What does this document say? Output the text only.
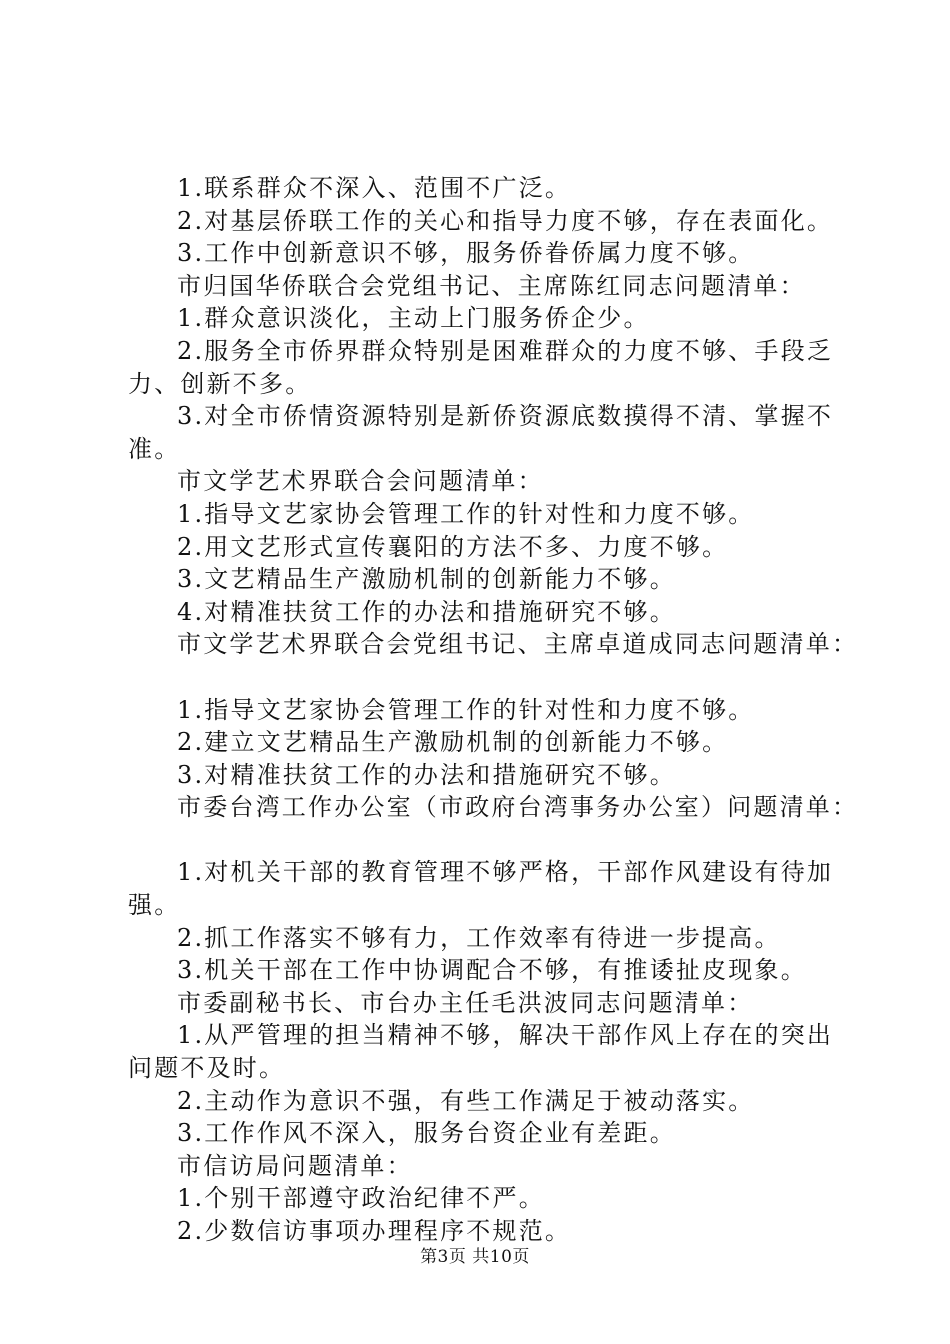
1.联系群众不深入、范围不广泛。

2.对基层侨联工作的关心和指导力度不够，存在表面化。

3.工作中创新意识不够，服务侨眷侨属力度不够。

市归国华侨联合会党组书记、主席陈红同志问题清单：

1.群众意识淡化，主动上门服务侨企少。

2.服务全市侨界群众特别是困难群众的力度不够、手段乏

力、创新不多。

3.对全市侨情资源特别是新侨资源底数摸得不清、掌握不

准。

市文学艺术界联合会问题清单：

1.指导文艺家协会管理工作的针对性和力度不够。

2.用文艺形式宣传襄阳的方法不多、力度不够。

3.文艺精品生产激励机制的创新能力不够。

4.对精准扶贫工作的办法和措施研究不够。

市文学艺术界联合会党组书记、主席卓道成同志问题清单：

1.指导文艺家协会管理工作的针对性和力度不够。

2.建立文艺精品生产激励机制的创新能力不够。

3.对精准扶贫工作的办法和措施研究不够。

市委台湾工作办公室（市政府台湾事务办公室）问题清单：

1.对机关干部的教育管理不够严格，干部作风建设有待加

强。

2.抓工作落实不够有力，工作效率有待进一步提高。

3.机关干部在工作中协调配合不够，有推诿扯皮现象。

市委副秘书长、市台办主任毛洪波同志问题清单：

1.从严管理的担当精神不够，解决干部作风上存在的突出

问题不及时。

2.主动作为意识不强，有些工作满足于被动落实。

3.工作作风不深入，服务台资企业有差距。

市信访局问题清单：

1.个别干部遵守政治纪律不严。

2.少数信访事项办理程序不规范。

第3页 共10页
